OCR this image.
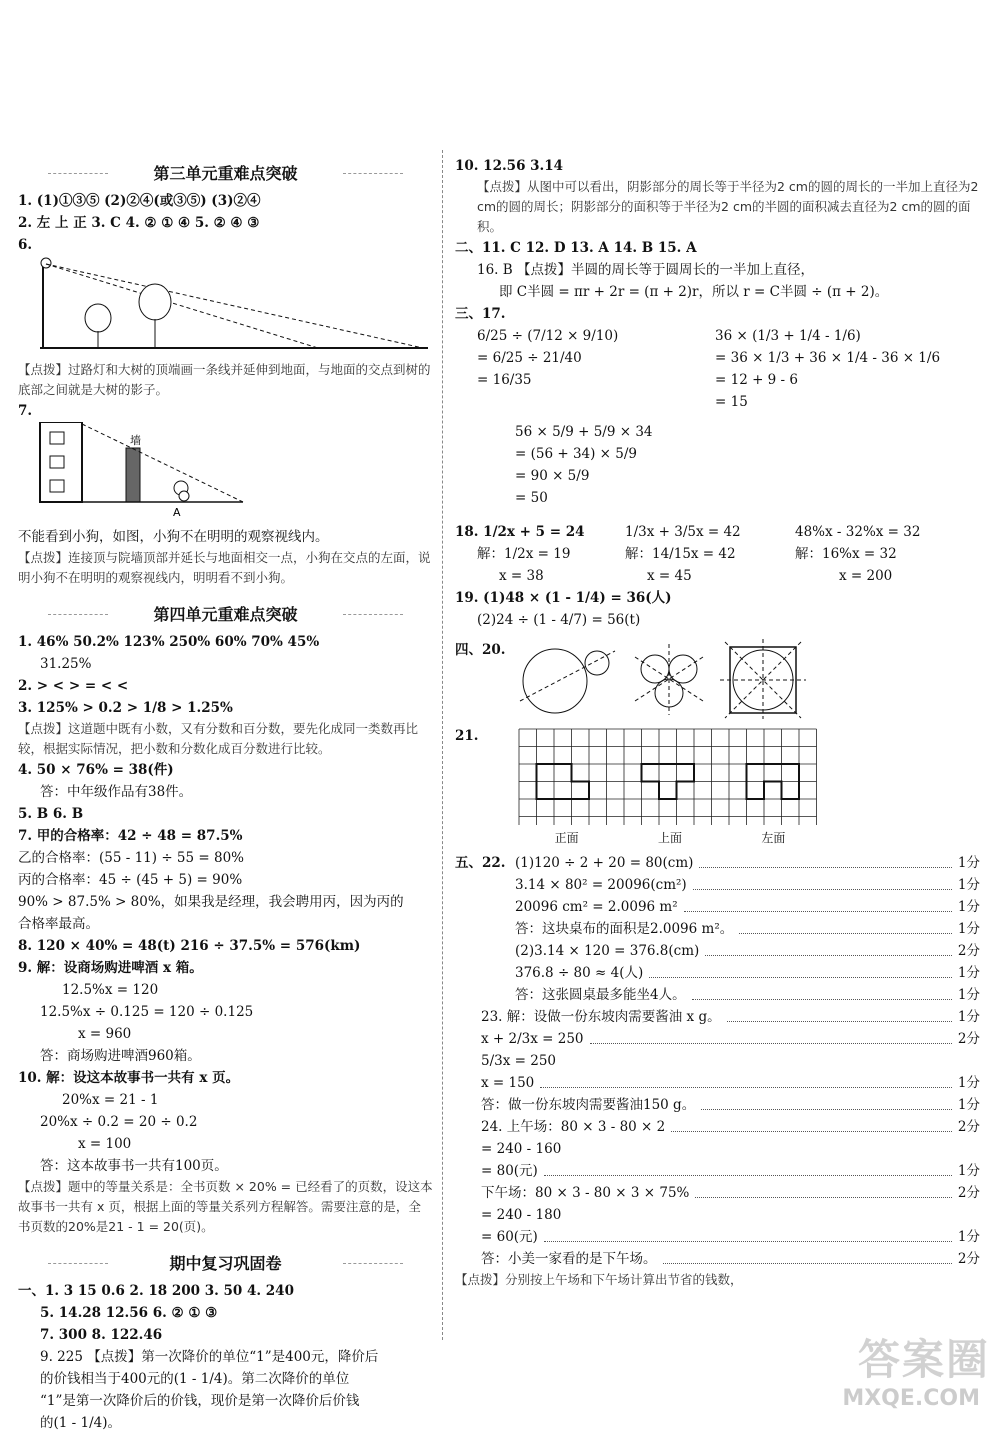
第三单元重难点突破
1. (1)①③⑤ (2)②④(或③⑤) (3)②④
2. 左 上 正 3. C 4. ② ① ④ 5. ② ④ ③
6.
【点拨】过路灯和大树的顶端画一条线并延伸到地面，与地面的交点到树的底部之间就是大树的影子。
7.
墙
A
不能看到小狗，如图，小狗不在明明的观察视线内。
【点拨】连接顶与院墙顶部并延长与地面相交一点，小狗在交点的左面，说明小狗不在明明的观察视线内，明明看不到小狗。
第四单元重难点突破
1. 46% 50.2% 123% 250% 60% 70% 45%
31.25%
2. > < > = < <
3. 125% > 0.2 > 1/8 > 1.25%
【点拨】这道题中既有小数，又有分数和百分数，要先化成同一类数再比较，根据实际情况，把小数和分数化成百分数进行比较。
4. 50 × 76% = 38(件)
答：中年级作品有38件。
5. B 6. B
7. 甲的合格率：42 ÷ 48 = 87.5%
乙的合格率：(55 - 11) ÷ 55 = 80%
丙的合格率：45 ÷ (45 + 5) = 90%
90% > 87.5% > 80%，如果我是经理，我会聘用丙，因为丙的
合格率最高。
8. 120 × 40% = 48(t) 216 ÷ 37.5% = 576(km)
9. 解：设商场购进啤酒 x 箱。
12.5%x = 120
12.5%x ÷ 0.125 = 120 ÷ 0.125
x = 960
答：商场购进啤酒960箱。
10. 解：设这本故事书一共有 x 页。
20%x = 21 - 1
20%x ÷ 0.2 = 20 ÷ 0.2
x = 100
答：这本故事书一共有100页。
【点拨】题中的等量关系是：全书页数 × 20% = 已经看了的页数，设这本故事书一共有 x 页，根据上面的等量关系列方程解答。需要注意的是，全书页数的20%是21 - 1 = 20(页)。
期中复习巩固卷
一、1. 3 15 0.6 2. 18 200 3. 50 4. 240
5. 14.28 12.56 6. ② ① ③
7. 300 8. 122.46
9. 225 【点拨】第一次降价的单位“1”是400元，降价后
的价钱相当于400元的(1 - 1/4)。第二次降价的单位
“1”是第一次降价后的价钱，现价是第一次降价后价钱
的(1 - 1/4)。
10. 12.56 3.14
【点拨】从图中可以看出，阴影部分的周长等于半径为2 cm的圆的周长的一半加上直径为2 cm的圆的周长；阴影部分的面积等于半径为2 cm的半圆的面积减去直径为2 cm的圆的面积。
二、11. C 12. D 13. A 14. B 15. A
16. B 【点拨】半圆的周长等于圆周长的一半加上直径，
即 C半圆 = πr + 2r = (π + 2)r，所以 r = C半圆 ÷ (π + 2)。
三、17.
6/25 ÷ (7/12 × 9/10)
= 6/25 ÷ 21/40
= 16/35
36 × (1/3 + 1/4 - 1/6)
= 36 × 1/3 + 36 × 1/4 - 36 × 1/6
= 12 + 9 - 6
= 15
56 × 5/9 + 5/9 × 34
= (56 + 34) × 5/9
= 90 × 5/9
= 50
18. 1/2x + 5 = 24	1/3x + 3/5x = 42	48%x - 32%x = 32
解：1/2x = 19	解：14/15x = 42	解：16%x = 32
x = 38	x = 45	x = 200
19. (1)48 × (1 - 1/4) = 36(人)
(2)24 ÷ (1 - 4/7) = 56(t)
四、20.
21.
正面	上面	左面
五、22. (1)120 ÷ 2 + 20 = 80(cm)	1分
3.14 × 80² = 20096(cm²)	1分
20096 cm² = 2.0096 m²	1分
答：这块桌布的面积是2.0096 m²。	1分
(2)3.14 × 120 = 376.8(cm)	2分
376.8 ÷ 80 ≈ 4(人)	1分
答：这张圆桌最多能坐4人。	1分
23. 解：设做一份东坡肉需要酱油 x g。	1分
x + 2/3x = 250	2分
5/3x = 250
x = 150	1分
答：做一份东坡肉需要酱油150 g。	1分
24. 上午场：80 × 3 - 80 × 2	2分
= 240 - 160
= 80(元)	1分
下午场：80 × 3 - 80 × 3 × 75%	2分
= 240 - 180
= 60(元)	1分
答：小美一家看的是下午场。	2分
【点拨】分别按上午场和下午场计算出节省的钱数，
答案圈
MXQE.COM
